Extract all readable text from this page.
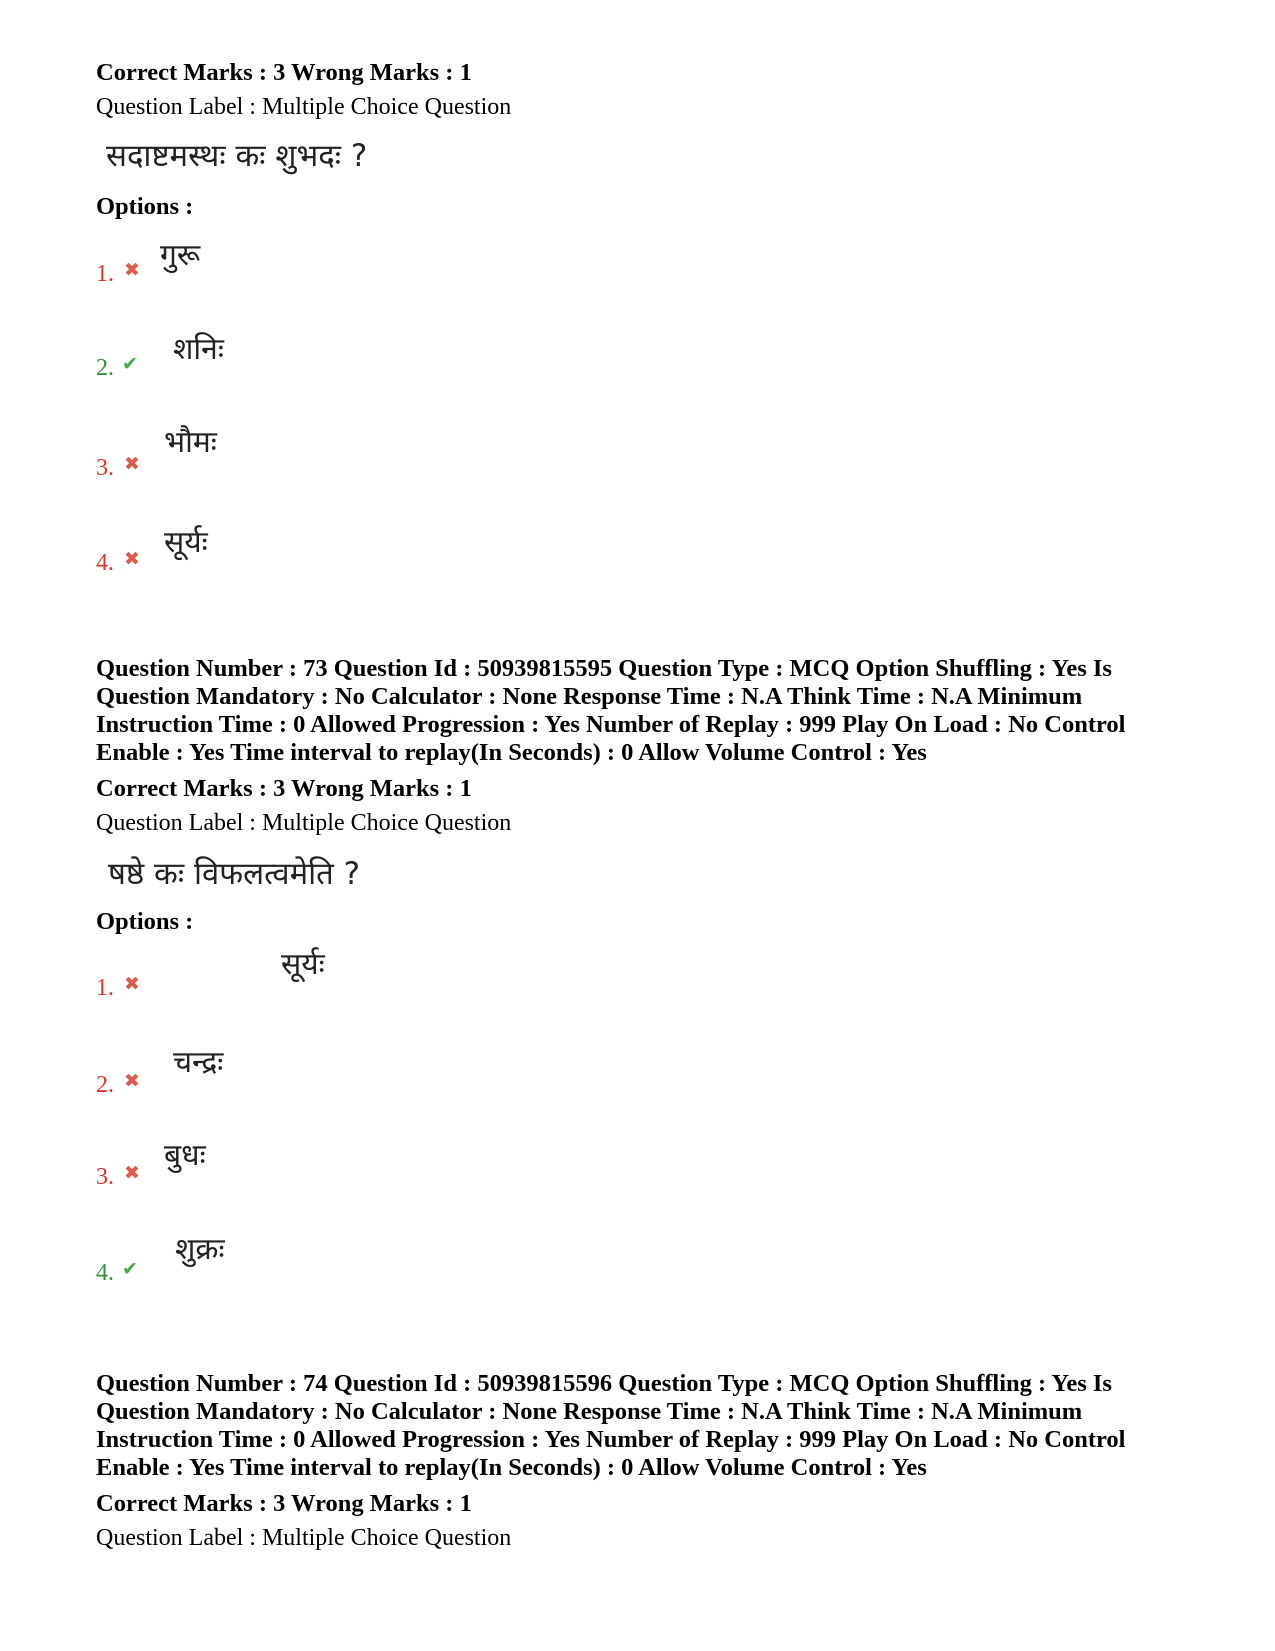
Correct Marks : 3 Wrong Marks : 1
Question Label : Multiple Choice Question
सदाष्टमस्थः कः शुभदः ?
Options :
1. ✖ गुरू
2. ✔ शनिः
3. ✖
भौमः
4. ✖ सूर्यः
Question Number : 73 Question Id : 50939815595 Question Type : MCQ Option Shuffling : Yes Is
Question Mandatory : No Calculator : None Response Time : N.A Think Time : N.A Minimum
Instruction Time : 0 Allowed Progression : Yes Number of Replay : 999 Play On Load : No Control
Enable : Yes Time interval to replay(In Seconds) : 0 Allow Volume Control : Yes
Correct Marks : 3 Wrong Marks : 1
Question Label : Multiple Choice Question
षष्ठे कः विफलत्वमेति ?
Options :
1. ✖
सूर्यः
2. ✖
चन्द्रः
3. ✖ बुधः
4. ✔
शुक्रः
Question Number : 74 Question Id : 50939815596 Question Type : MCQ Option Shuffling : Yes Is
Question Mandatory : No Calculator : None Response Time : N.A Think Time : N.A Minimum
Instruction Time : 0 Allowed Progression : Yes Number of Replay : 999 Play On Load : No Control
Enable : Yes Time interval to replay(In Seconds) : 0 Allow Volume Control : Yes
Correct Marks : 3 Wrong Marks : 1
Question Label : Multiple Choice Question
